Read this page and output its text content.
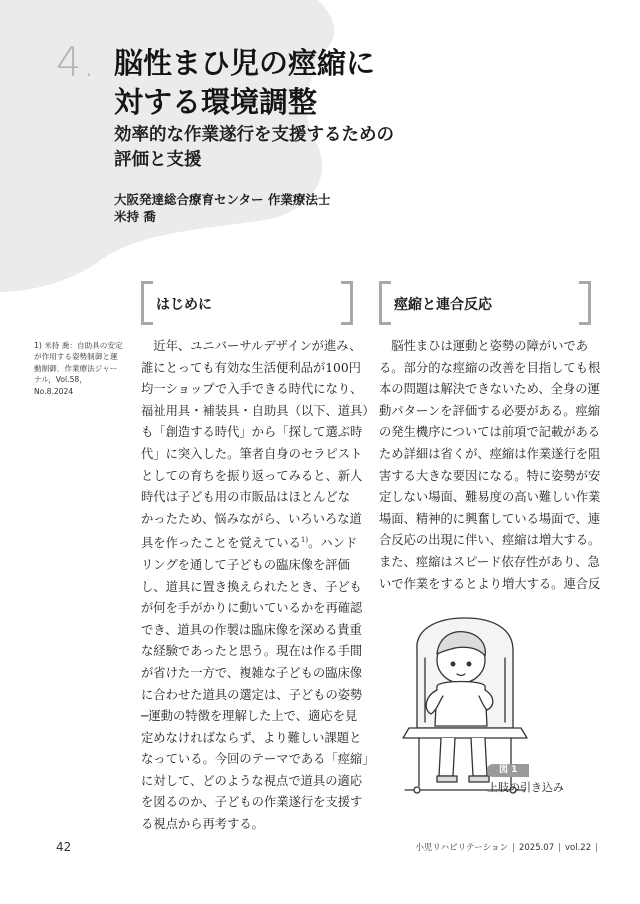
4. 脳性まひ児の痙縮に
対する環境調整
効率的な作業遂行を支援するための
評価と支援
大阪発達総合療育センター 作業療法士
米持 喬
はじめに	痙縮と連合反応
1) 米持 喬：自助具の安定
が作用する姿勢制御と運
動制御．作業療法ジャー
ナル，Vol.58，
No.8.2024
　近年、ユニバーサルデザインが進み、
誰にとっても有効な生活便利品が100円
均一ショップで入手できる時代になり、
福祉用具・補装具・自助具（以下、道具）
も「創造する時代」から「探して選ぶ時
代」に突入した。筆者自身のセラピスト
としての育ちを振り返ってみると、新人
時代は子ども用の市販品はほとんどな
かったため、悩みながら、いろいろな道
具を作ったことを覚えている$^{1)}$。ハンド
リングを通して子どもの臨床像を評価
し、道具に置き換えられたとき、子ども
が何を手がかりに動いているかを再確認
でき、道具の作製は臨床像を深める貴重
な経験であったと思う。現在は作る手間
が省けた一方で、複雑な子どもの臨床像
に合わせた道具の選定は、子どもの姿勢
─運動の特徴を理解した上で、適応を見
定めなければならず、より難しい課題と
なっている。今回のテーマである「痙縮」
に対して、どのような視点で道具の適応
を図るのか、子どもの作業遂行を支援す
る視点から再考する。
　脳性まひは運動と姿勢の障がいであ
る。部分的な痙縮の改善を目指しても根
本の問題は解決できないため、全身の運
動パターンを評価する必要がある。痙縮
の発生機序については前項で記載がある
ため詳細は省くが、痙縮は作業遂行を阻
害する大きな要因になる。特に姿勢が安
定しない場面、難易度の高い難しい作業
場面、精神的に興奮している場面で、連
合反応の出現に伴い、痙縮は増大する。
また、痙縮はスピード依存性があり、急
いで作業をするとより増大する。連合反
図 1
上肢の引き込み
42	小児リハビリテーション | 2025.07 | vol.22 |
